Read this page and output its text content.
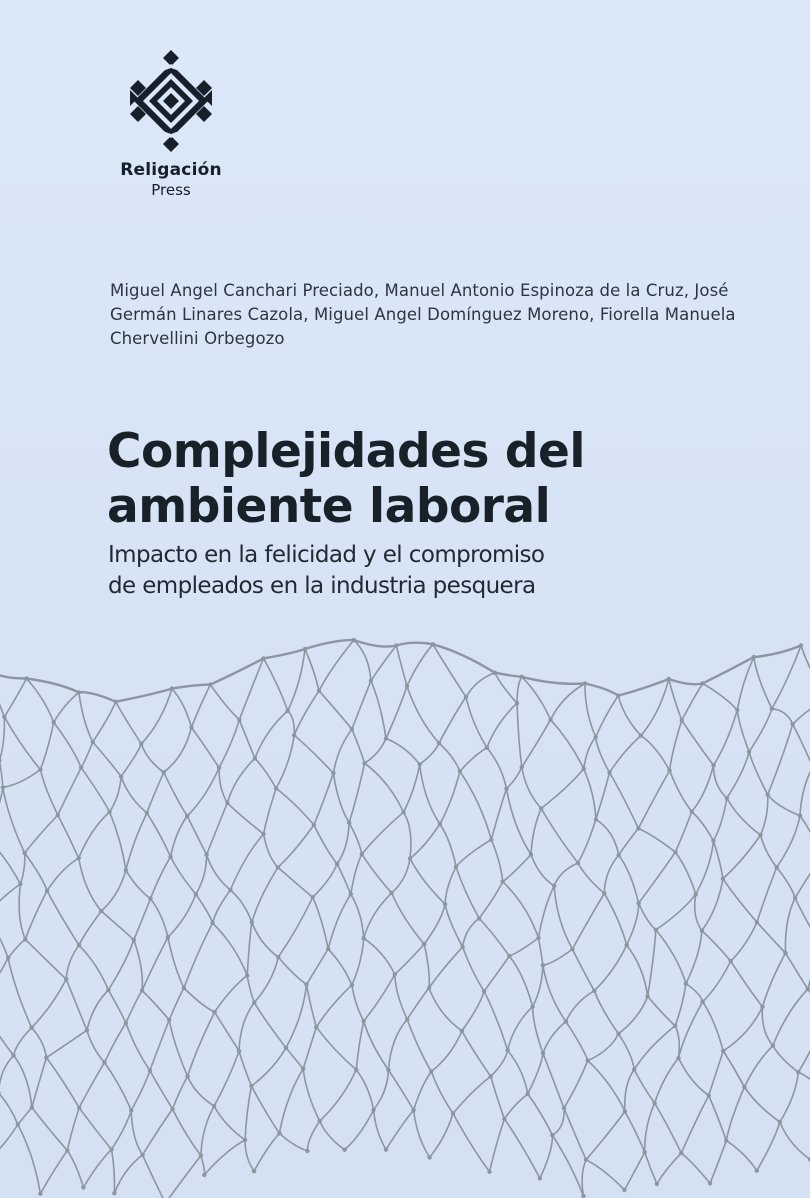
Religación
Press
Miguel Angel Canchari Preciado, Manuel Antonio Espinoza de la Cruz, José Germán Linares Cazola, Miguel Angel Domínguez Moreno, Fiorella Manuela Chervellini Orbegozo
Complejidades del
ambiente laboral
Impacto en la felicidad y el compromiso
de empleados en la industria pesquera
